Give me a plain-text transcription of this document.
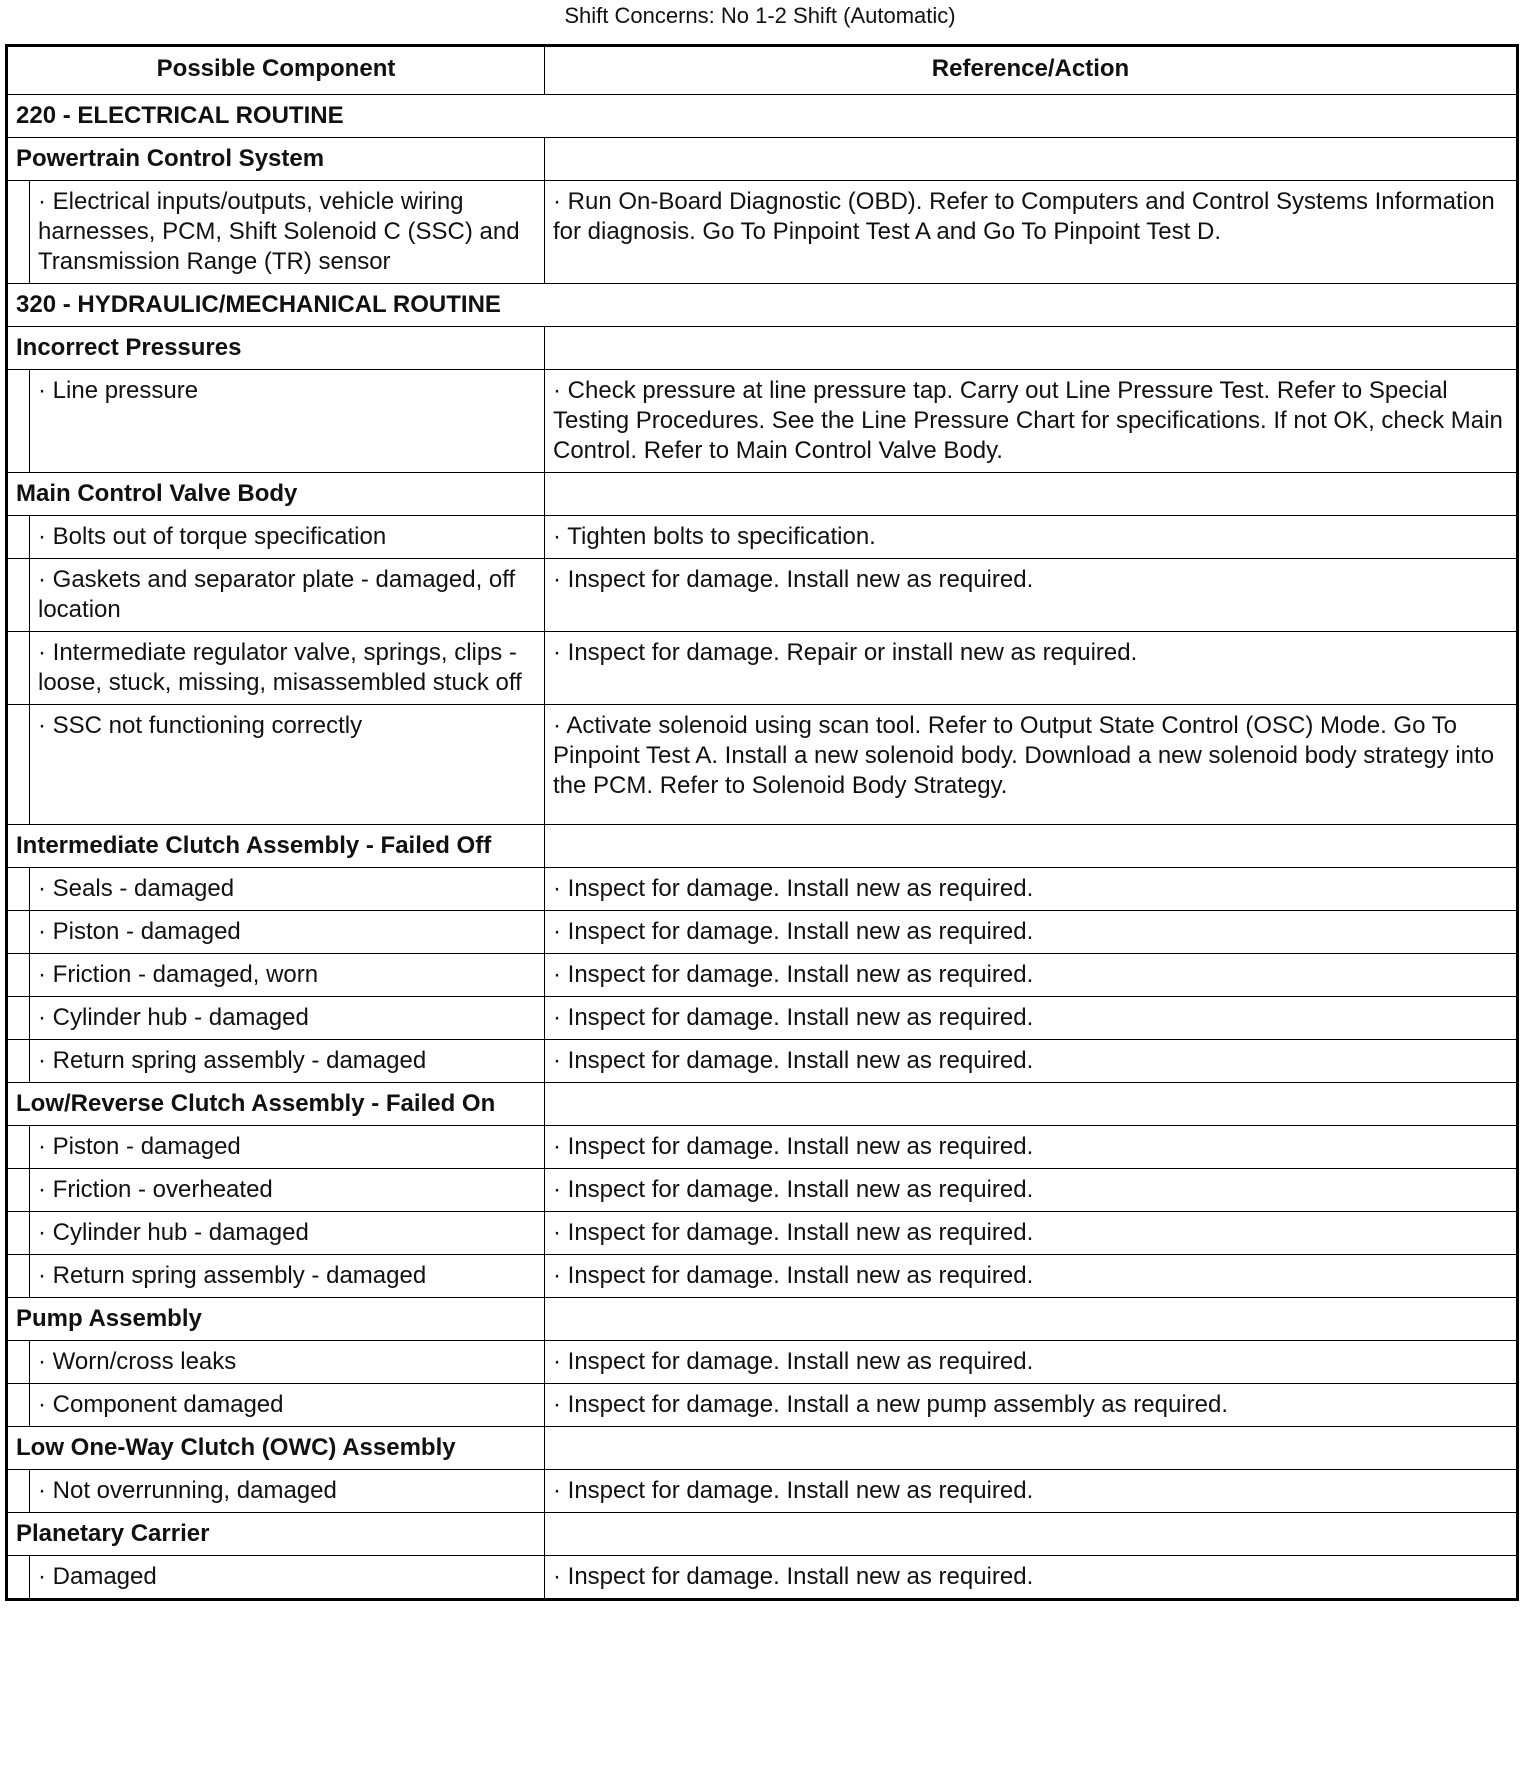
Shift Concerns: No 1-2 Shift (Automatic)
Possible Component		Reference/Action
220 - ELECTRICAL ROUTINE		
Powertrain Control System		
	· Electrical inputs/outputs, vehicle wiring harnesses, PCM, Shift Solenoid C (SSC) and Transmission Range (TR) sensor	· Run On-Board Diagnostic (OBD). Refer to Computers and Control Systems Information for diagnosis. Go To Pinpoint Test A and Go To Pinpoint Test D.
320 - HYDRAULIC/MECHANICAL ROUTINE		
Incorrect Pressures		
	· Line pressure	· Check pressure at line pressure tap. Carry out Line Pressure Test. Refer to Special Testing Procedures. See the Line Pressure Chart for specifications. If not OK, check Main Control. Refer to Main Control Valve Body.
Main Control Valve Body		
	· Bolts out of torque specification	· Tighten bolts to specification.
	· Gaskets and separator plate - damaged, off location	· Inspect for damage. Install new as required.
	· Intermediate regulator valve, springs, clips - loose, stuck, missing, misassembled stuck off	· Inspect for damage. Repair or install new as required.
	· SSC not functioning correctly	· Activate solenoid using scan tool. Refer to Output State Control (OSC) Mode. Go To Pinpoint Test A. Install a new solenoid body. Download a new solenoid body strategy into the PCM. Refer to Solenoid Body Strategy.
Intermediate Clutch Assembly - Failed Off		
	· Seals - damaged	· Inspect for damage. Install new as required.
	· Piston - damaged	· Inspect for damage. Install new as required.
	· Friction - damaged, worn	· Inspect for damage. Install new as required.
	· Cylinder hub - damaged	· Inspect for damage. Install new as required.
	· Return spring assembly - damaged	· Inspect for damage. Install new as required.
Low/Reverse Clutch Assembly - Failed On		
	· Piston - damaged	· Inspect for damage. Install new as required.
	· Friction - overheated	· Inspect for damage. Install new as required.
	· Cylinder hub - damaged	· Inspect for damage. Install new as required.
	· Return spring assembly - damaged	· Inspect for damage. Install new as required.
Pump Assembly		
	· Worn/cross leaks	· Inspect for damage. Install new as required.
	· Component damaged	· Inspect for damage. Install a new pump assembly as required.
Low One-Way Clutch (OWC) Assembly		
	· Not overrunning, damaged	· Inspect for damage. Install new as required.
Planetary Carrier		
	· Damaged	· Inspect for damage. Install new as required.
